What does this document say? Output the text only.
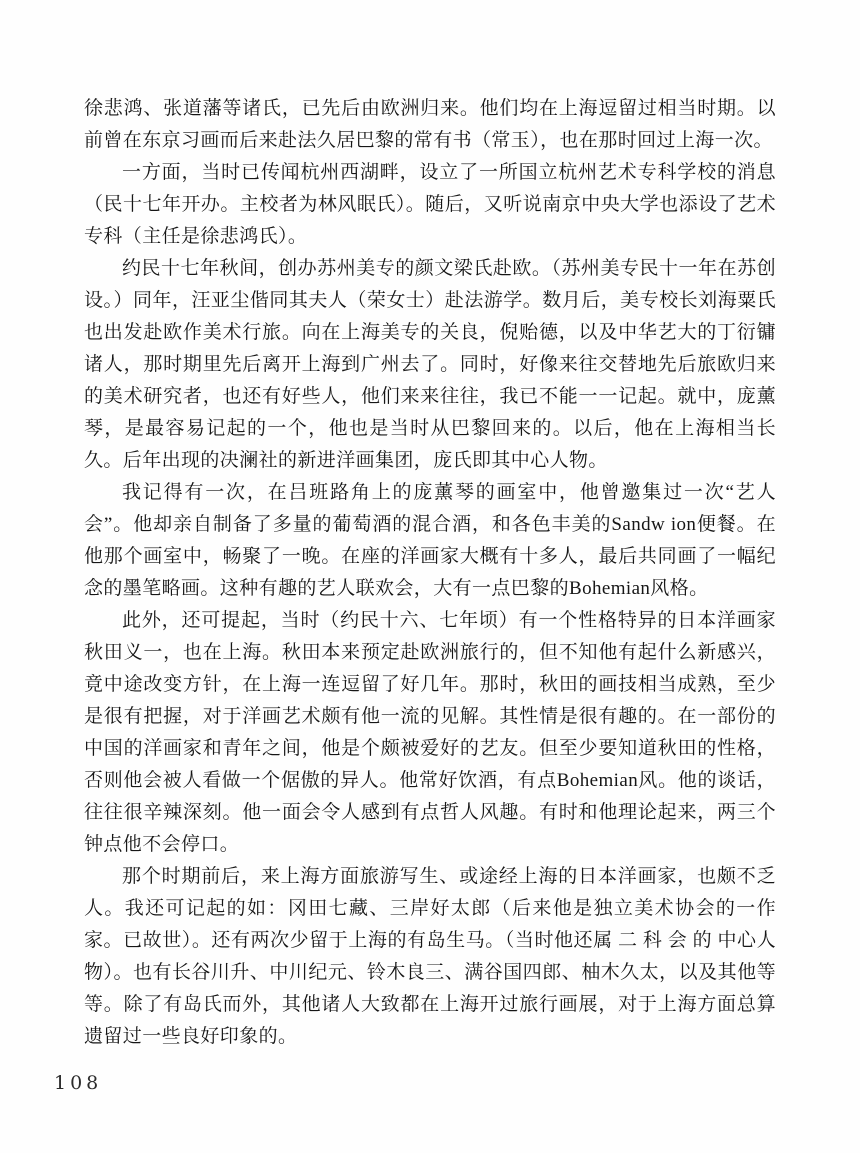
徐悲鸿、张道藩等诸氏，已先后由欧洲归来。他们均在上海逗留过相当时期。以前曾在东京习画而后来赴法久居巴黎的常有书（常玉），也在那时回过上海一次。

一方面，当时已传闻杭州西湖畔，设立了一所国立杭州艺术专科学校的消息（民十七年开办。主校者为林风眠氏）。随后，又听说南京中央大学也添设了艺术专科（主任是徐悲鸿氏）。

约民十七年秋间，创办苏州美专的颜文梁氏赴欧。（苏州美专民十一年在苏创设。）同年，汪亚尘偕同其夫人（荣女士）赴法游学。数月后，美专校长刘海粟氏也出发赴欧作美术行旅。向在上海美专的关良，倪贻德，以及中华艺大的丁衍镛诸人，那时期里先后离开上海到广州去了。同时，好像来往交替地先后旅欧归来的美术研究者，也还有好些人，他们来来往往，我已不能一一记起。就中，庞薰琴，是最容易记起的一个，他也是当时从巴黎回来的。以后，他在上海相当长久。后年出现的决澜社的新进洋画集团，庞氏即其中心人物。

我记得有一次，在吕班路角上的庞薰琴的画室中，他曾邀集过一次“艺人会”。他却亲自制备了多量的葡萄酒的混合酒，和各色丰美的Sandw ion便餐。在他那个画室中，畅聚了一晚。在座的洋画家大概有十多人，最后共同画了一幅纪念的墨笔略画。这种有趣的艺人联欢会，大有一点巴黎的Bohemian风格。

此外，还可提起，当时（约民十六、七年顷）有一个性格特异的日本洋画家秋田义一，也在上海。秋田本来预定赴欧洲旅行的，但不知他有起什么新感兴，竟中途改变方针，在上海一连逗留了好几年。那时，秋田的画技相当成熟，至少是很有把握，对于洋画艺术颇有他一流的见解。其性情是很有趣的。在一部份的中国的洋画家和青年之间，他是个颇被爱好的艺友。但至少要知道秋田的性格，否则他会被人看做一个倨傲的异人。他常好饮酒，有点Bohemian风。他的谈话，往往很辛辣深刻。他一面会令人感到有点哲人风趣。有时和他理论起来，两三个钟点他不会停口。

那个时期前后，来上海方面旅游写生、或途经上海的日本洋画家，也颇不乏人。我还可记起的如：冈田七藏、三岸好太郎（后来他是独立美术协会的一作家。已故世）。还有两次少留于上海的有岛生马。（当时他还属 二 科 会 的 中心人物）。也有长谷川升、中川纪元、铃木良三、满谷国四郎、柚木久太，以及其他等等。除了有岛氏而外，其他诸人大致都在上海开过旅行画展，对于上海方面总算遗留过一些良好印象的。

108
